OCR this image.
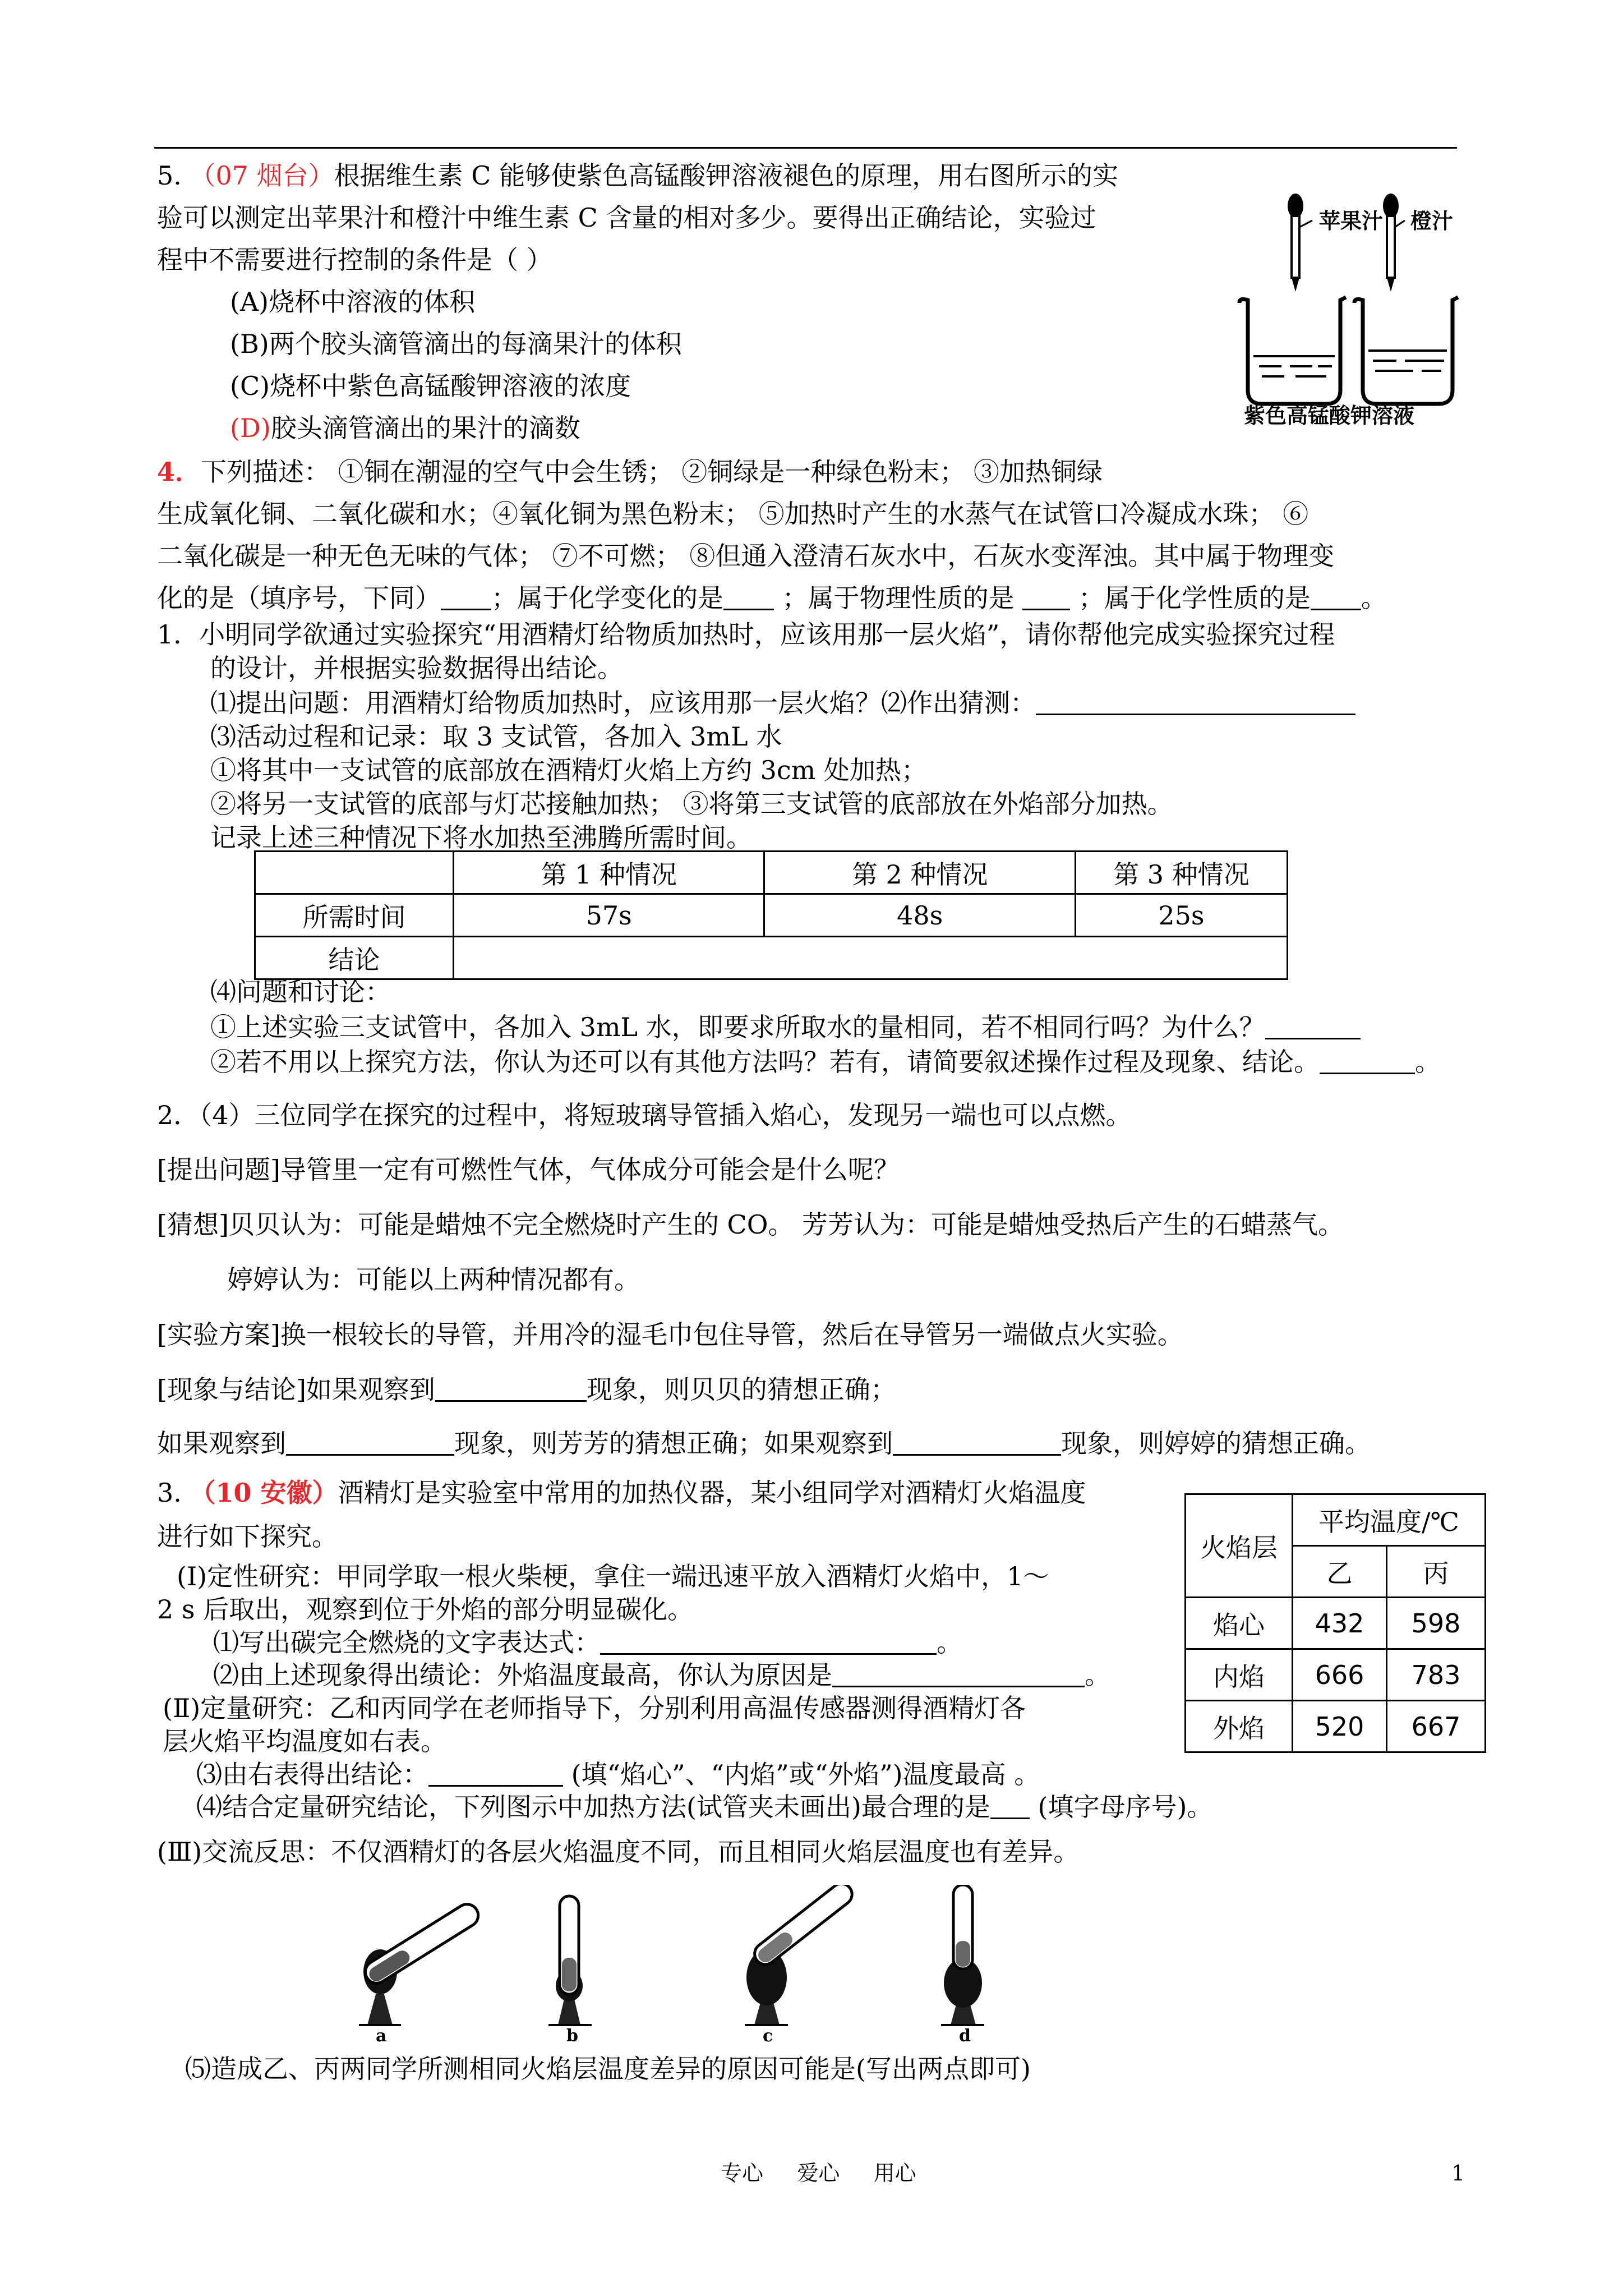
5. （07 烟台）根据维生素 C 能够使紫色高锰酸钾溶液褪色的原理，用右图所示的实
验可以测定出苹果汁和橙汁中维生素 C 含量的相对多少。要得出正确结论，实验过
程中不需要进行控制的条件是（ ）
(A)烧杯中溶液的体积
(B)两个胶头滴管滴出的每滴果汁的体积
(C)烧杯中紫色高锰酸钾溶液的浓度
(D)胶头滴管滴出的果汁的滴数
苹果汁 橙汁
紫色高锰酸钾溶液
4．下列描述： ①铜在潮湿的空气中会生锈； ②铜绿是一种绿色粉末； ③加热铜绿
生成氧化铜、二氧化碳和水；④氧化铜为黑色粉末； ⑤加热时产生的水蒸气在试管口冷凝成水珠； ⑥
二氧化碳是一种无色无味的气体； ⑦不可燃； ⑧但通入澄清石灰水中，石灰水变浑浊。其中属于物理变
化的是（填序号，下同） ；属于化学变化的是 ；属于物理性质的是  ；属于化学性质的是 。
1．小明同学欲通过实验探究“用酒精灯给物质加热时，应该用那一层火焰”，请你帮他完成实验探究过程
的设计，并根据实验数据得出结论。
⑴提出问题：用酒精灯给物质加热时，应该用那一层火焰？⑵作出猜测：
⑶活动过程和记录：取 3 支试管，各加入 3mL 水
①将其中一支试管的底部放在酒精灯火焰上方约 3cm 处加热；
②将另一支试管的底部与灯芯接触加热； ③将第三支试管的底部放在外焰部分加热。
记录上述三种情况下将水加热至沸腾所需时间。
	第 1 种情况	第 2 种情况	第 3 种情况
所需时间	57s	48s	25s
结论			
⑷问题和讨论：
①上述实验三支试管中，各加入 3mL 水，即要求所取水的量相同，若不相同行吗？为什么？
②若不用以上探究方法，你认为还可以有其他方法吗？若有，请简要叙述操作过程及现象、结论。	。
2．（4）三位同学在探究的过程中，将短玻璃导管插入焰心，发现另一端也可以点燃。
[提出问题]导管里一定有可燃性气体，气体成分可能会是什么呢？
[猜想]贝贝认为：可能是蜡烛不完全燃烧时产生的 CO。 芳芳认为：可能是蜡烛受热后产生的石蜡蒸气。
婷婷认为：可能以上两种情况都有。
[实验方案]换一根较长的导管，并用冷的湿毛巾包住导管，然后在导管另一端做点火实验。
[现象与结论]如果观察到	现象，则贝贝的猜想正确；
如果观察到	现象，则芳芳的猜想正确；如果观察到	现象，则婷婷的猜想正确。
3. （10 安徽）酒精灯是实验室中常用的加热仪器，某小组同学对酒精灯火焰温度
进行如下探究。
(Ⅰ)定性研究：甲同学取一根火柴梗，拿住一端迅速平放入酒精灯火焰中，1～
2 s 后取出，观察到位于外焰的部分明显碳化。
⑴写出碳完全燃烧的文字表达式：	。
⑵由上述现象得出绩论：外焰温度最高，你认为原因是	。
(Ⅱ)定量研究：乙和丙同学在老师指导下，分别利用高温传感器测得酒精灯各
层火焰平均温度如右表。
⑶由右表得出结论：	(填“焰心”、“内焰”或“外焰”)温度最高 。
⑷结合定量研究结论，下列图示中加热方法(试管夹未画出)最合理的是 (填字母序号)。
(Ⅲ)交流反思：不仅酒精灯的各层火焰温度不同，而且相同火焰层温度也有差异。
火焰层	平均温度/℃	
	乙	丙
焰心	432	598
内焰	666	783
外焰	520	667
a	b	c	d
⑸造成乙、丙两同学所测相同火焰层温度差异的原因可能是(写出两点即可)
专心     爱心     用心	1
